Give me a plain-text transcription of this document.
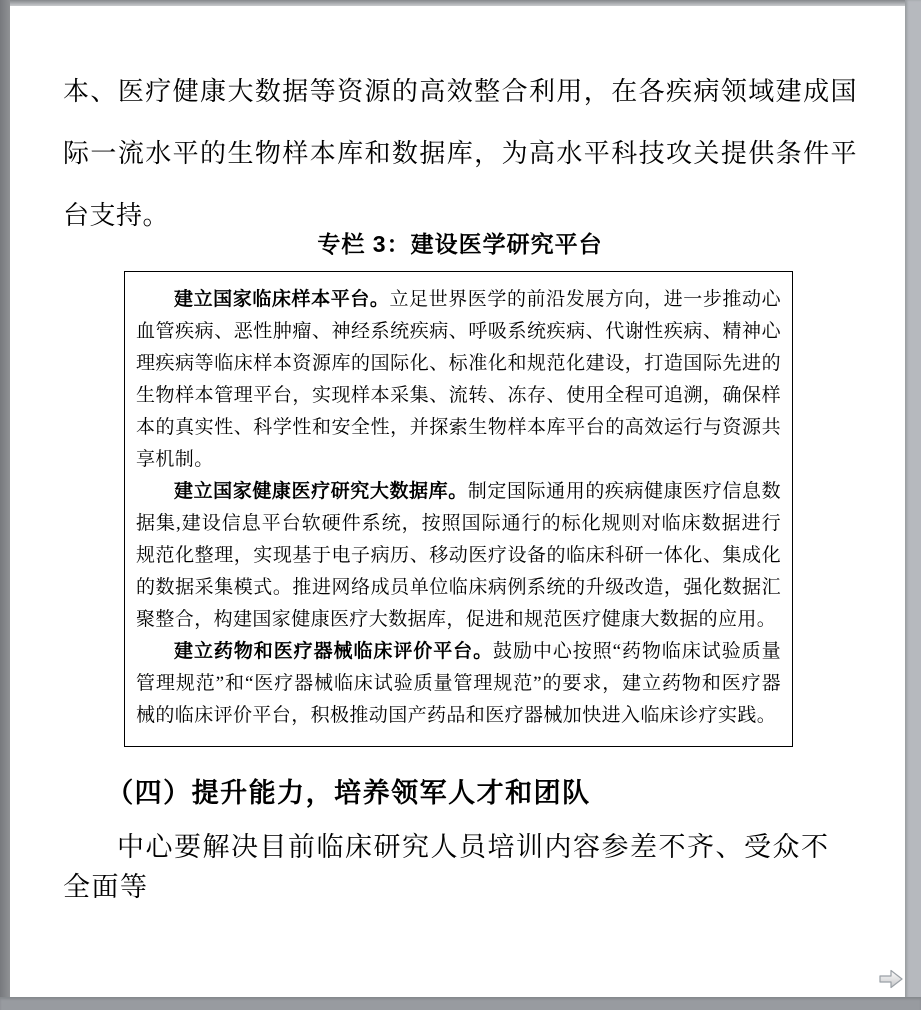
本、医疗健康大数据等资源的高效整合利用，在各疾病领域建成国际一流水平的生物样本库和数据库，为高水平科技攻关提供条件平台支持。

专栏 3：建设医学研究平台

建立国家临床样本平台。立足世界医学的前沿发展方向，进一步推动心血管疾病、恶性肿瘤、神经系统疾病、呼吸系统疾病、代谢性疾病、精神心理疾病等临床样本资源库的国际化、标准化和规范化建设，打造国际先进的生物样本管理平台，实现样本采集、流转、冻存、使用全程可追溯，确保样本的真实性、科学性和安全性，并探索生物样本库平台的高效运行与资源共享机制。

建立国家健康医疗研究大数据库。制定国际通用的疾病健康医疗信息数据集,建设信息平台软硬件系统，按照国际通行的标化规则对临床数据进行规范化整理，实现基于电子病历、移动医疗设备的临床科研一体化、集成化的数据采集模式。推进网络成员单位临床病例系统的升级改造，强化数据汇聚整合，构建国家健康医疗大数据库，促进和规范医疗健康大数据的应用。

建立药物和医疗器械临床评价平台。鼓励中心按照“药物临床试验质量管理规范”和“医疗器械临床试验质量管理规范”的要求，建立药物和医疗器械的临床评价平台，积极推动国产药品和医疗器械加快进入临床诊疗实践。

（四）提升能力，培养领军人才和团队

中心要解决目前临床研究人员培训内容参差不齐、受众不全面等
